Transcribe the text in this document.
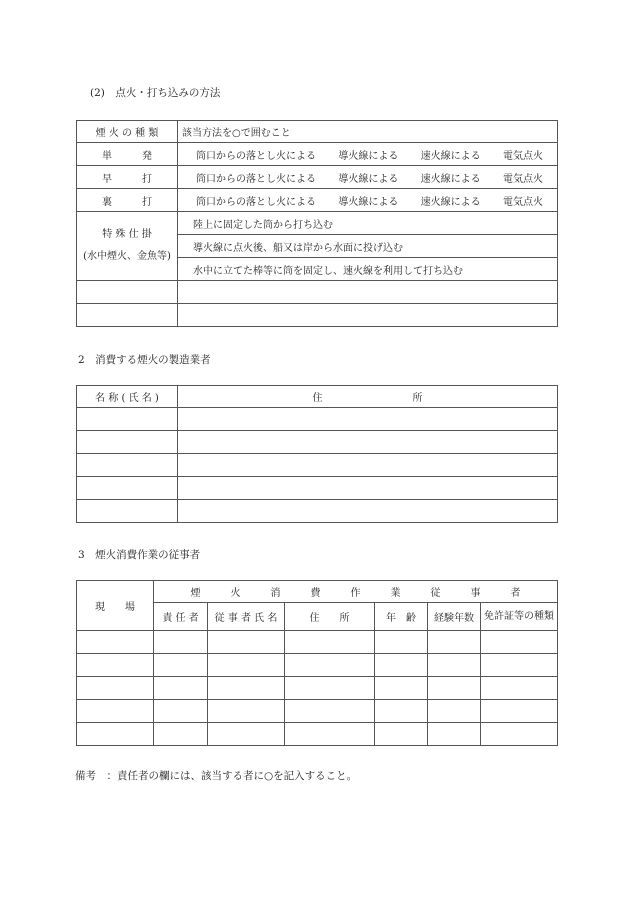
(2)　点火・打ち込みの方法
煙 火 の 種 類	該当方法を○で囲むこと
単　　　発	筒口からの落とし火による 導火線による 速火線による 電気点火

早　　　打	筒口からの落とし火による 導火線による 速火線による 電気点火

裏　　　打	筒口からの落とし火による 導火線による 速火線による 電気点火

特 殊 仕 掛
(水中煙火、金魚等)	陸上に固定した筒から打ち込む
	導火線に点火後、船又は岸から水面に投げ込む
	水中に立てた棒等に筒を固定し、速火線を利用して打ち込む

2　消費する煙火の製造業者
名 称 ( 氏 名 )	住　　　　　　　　　所

3　煙火消費作業の従事者
現　　場	煙　　　火　　　消　　　費　　　作　　　業　　　従　　　事　　　者					
	責 任 者	従 事 者 氏 名	住　　所	年　齢	経験年数	免許証等の種類

備考　：責任者の欄には、該当する者に○を記入すること。
